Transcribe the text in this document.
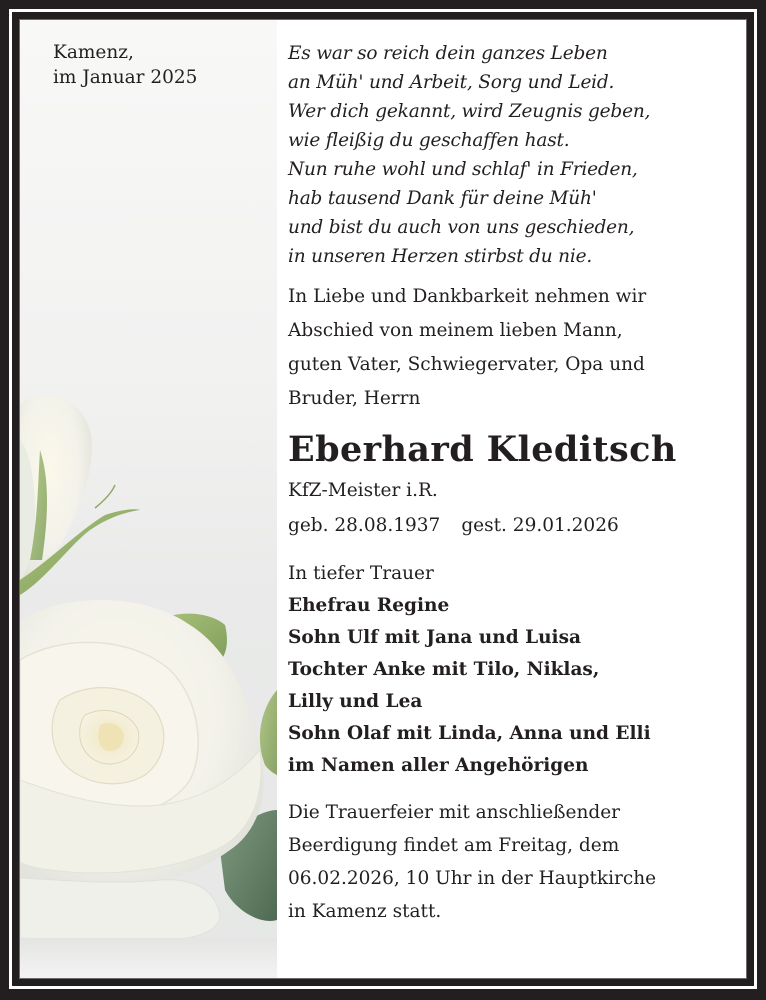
Kamenz,
im Januar 2025
Es war so reich dein ganzes Leben
an Müh' und Arbeit, Sorg und Leid.
Wer dich gekannt, wird Zeugnis geben,
wie fleißig du geschaffen hast.
Nun ruhe wohl und schlaf' in Frieden,
hab tausend Dank für deine Müh'
und bist du auch von uns geschieden,
in unseren Herzen stirbst du nie.
In Liebe und Dankbarkeit nehmen wir
Abschied von meinem lieben Mann,
guten Vater, Schwiegervater, Opa und
Bruder, Herrn
Eberhard Kleditsch
KfZ-Meister i.R.
geb. 28.08.1937 gest. 29.01.2026
In tiefer Trauer
Ehefrau Regine
Sohn Ulf mit Jana und Luisa
Tochter Anke mit Tilo, Niklas,
Lilly und Lea
Sohn Olaf mit Linda, Anna und Elli
im Namen aller Angehörigen
Die Trauerfeier mit anschließender
Beerdigung findet am Freitag, dem
06.02.2026, 10 Uhr in der Hauptkirche
in Kamenz statt.
